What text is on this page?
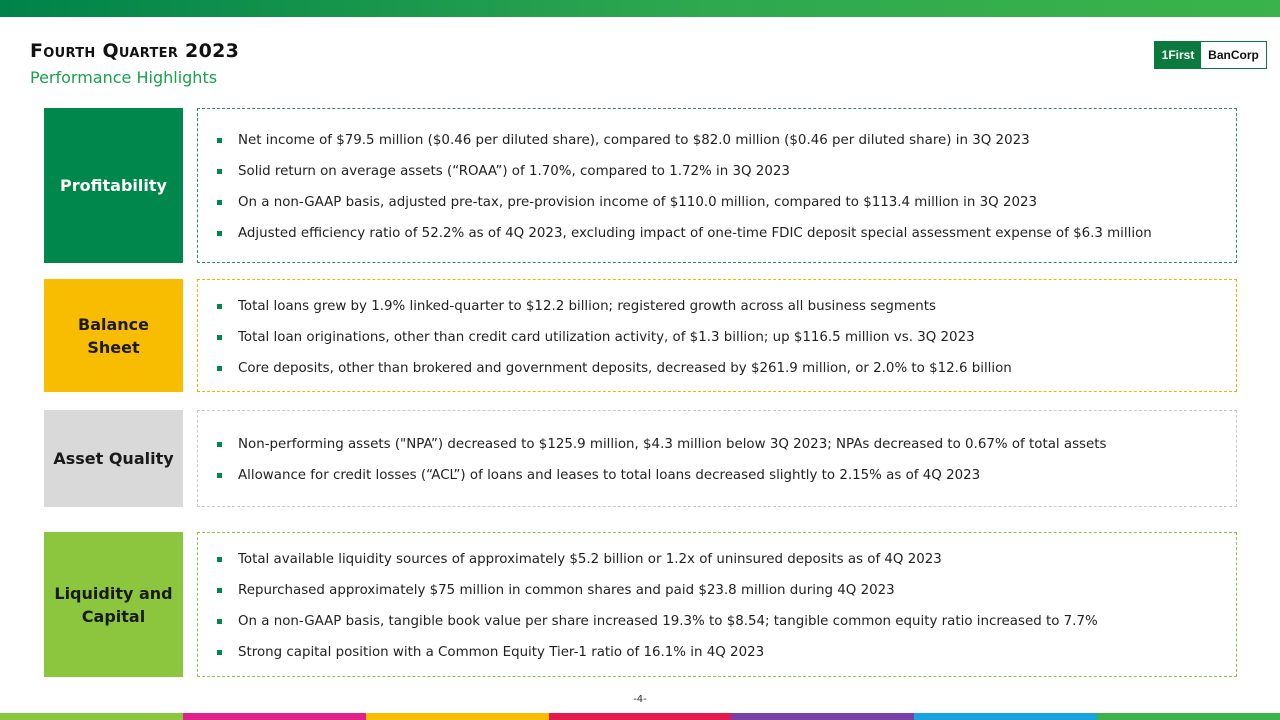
Fourth Quarter 2023
Performance Highlights
1First	BanCorp
Profitability
Net income of $79.5 million ($0.46 per diluted share), compared to $82.0 million ($0.46 per diluted share) in 3Q 2023
Solid return on average assets (“ROAA”) of 1.70%, compared to 1.72% in 3Q 2023
On a non-GAAP basis, adjusted pre-tax, pre-provision income of $110.0 million, compared to $113.4 million in 3Q 2023
Adjusted efficiency ratio of 52.2% as of 4Q 2023, excluding impact of one-time FDIC deposit special assessment expense of $6.3 million
Balance
Sheet
Total loans grew by 1.9% linked-quarter to $12.2 billion; registered growth across all business segments
Total loan originations, other than credit card utilization activity, of $1.3 billion; up $116.5 million vs. 3Q 2023
Core deposits, other than brokered and government deposits, decreased by $261.9 million, or 2.0% to $12.6 billion
Asset Quality
Non-performing assets ("NPA”) decreased to $125.9 million, $4.3 million below 3Q 2023; NPAs decreased to 0.67% of total assets
Allowance for credit losses (“ACL”) of loans and leases to total loans decreased slightly to 2.15% as of 4Q 2023
Liquidity and
Capital
Total available liquidity sources of approximately $5.2 billion or 1.2x of uninsured deposits as of 4Q 2023
Repurchased approximately $75 million in common shares and paid $23.8 million during 4Q 2023
On a non-GAAP basis, tangible book value per share increased 19.3% to $8.54; tangible common equity ratio increased to 7.7%
Strong capital position with a Common Equity Tier-1 ratio of 16.1% in 4Q 2023
-4-
